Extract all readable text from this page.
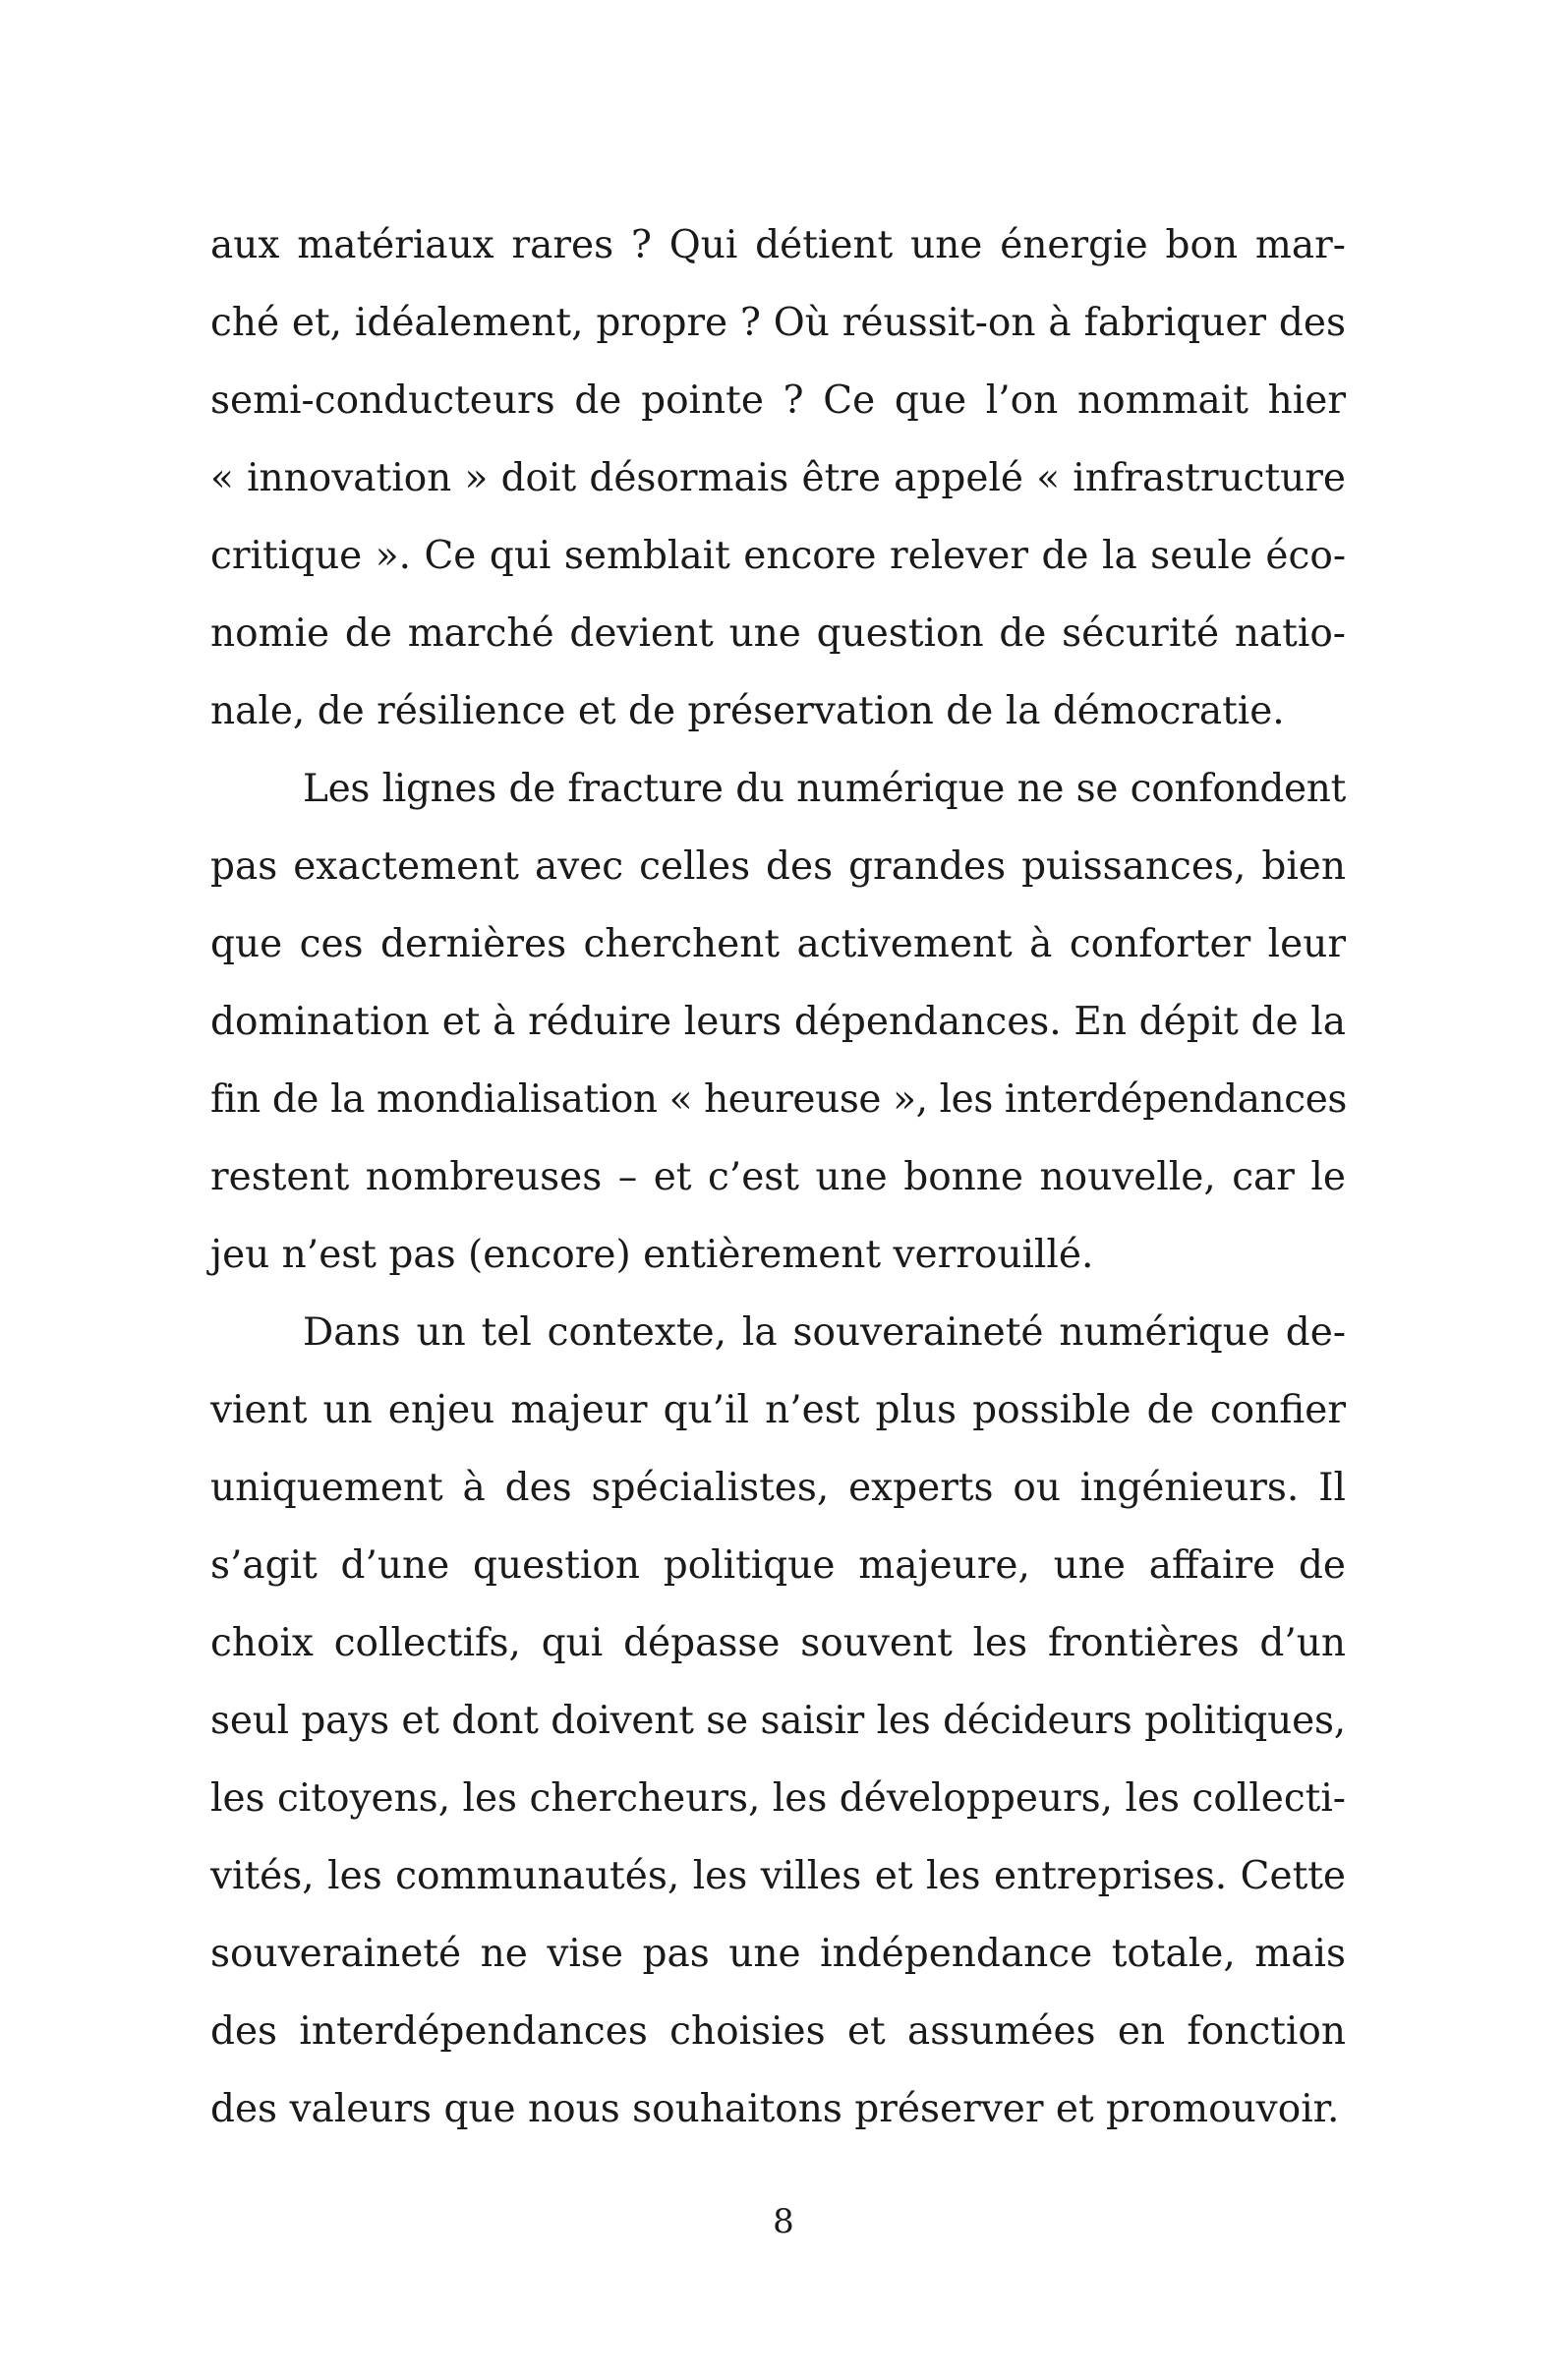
aux matériaux rares ? Qui détient une énergie bon mar-
ché et, idéalement, propre ? Où réussit-on à fabriquer des
semi-conducteurs de pointe ? Ce que l’on nommait hier
« innovation » doit désormais être appelé « infrastructure
critique ». Ce qui semblait encore relever de la seule éco-
nomie de marché devient une question de sécurité natio-
nale, de résilience et de préservation de la démocratie.
Les lignes de fracture du numérique ne se confondent
pas exactement avec celles des grandes puissances, bien
que ces dernières cherchent activement à conforter leur
domination et à réduire leurs dépendances. En dépit de la
fin de la mondialisation « heureuse », les interdépendances
restent nombreuses – et c’est une bonne nouvelle, car le
jeu n’est pas (encore) entièrement verrouillé.
Dans un tel contexte, la souveraineté numérique de-
vient un enjeu majeur qu’il n’est plus possible de confier
uniquement à des spécialistes, experts ou ingénieurs. Il
s’agit d’une question politique majeure, une affaire de
choix collectifs, qui dépasse souvent les frontières d’un
seul pays et dont doivent se saisir les décideurs politiques,
les citoyens, les chercheurs, les développeurs, les collecti-
vités, les communautés, les villes et les entreprises. Cette
souveraineté ne vise pas une indépendance totale, mais
des interdépendances choisies et assumées en fonction
des valeurs que nous souhaitons préserver et promouvoir.
8
